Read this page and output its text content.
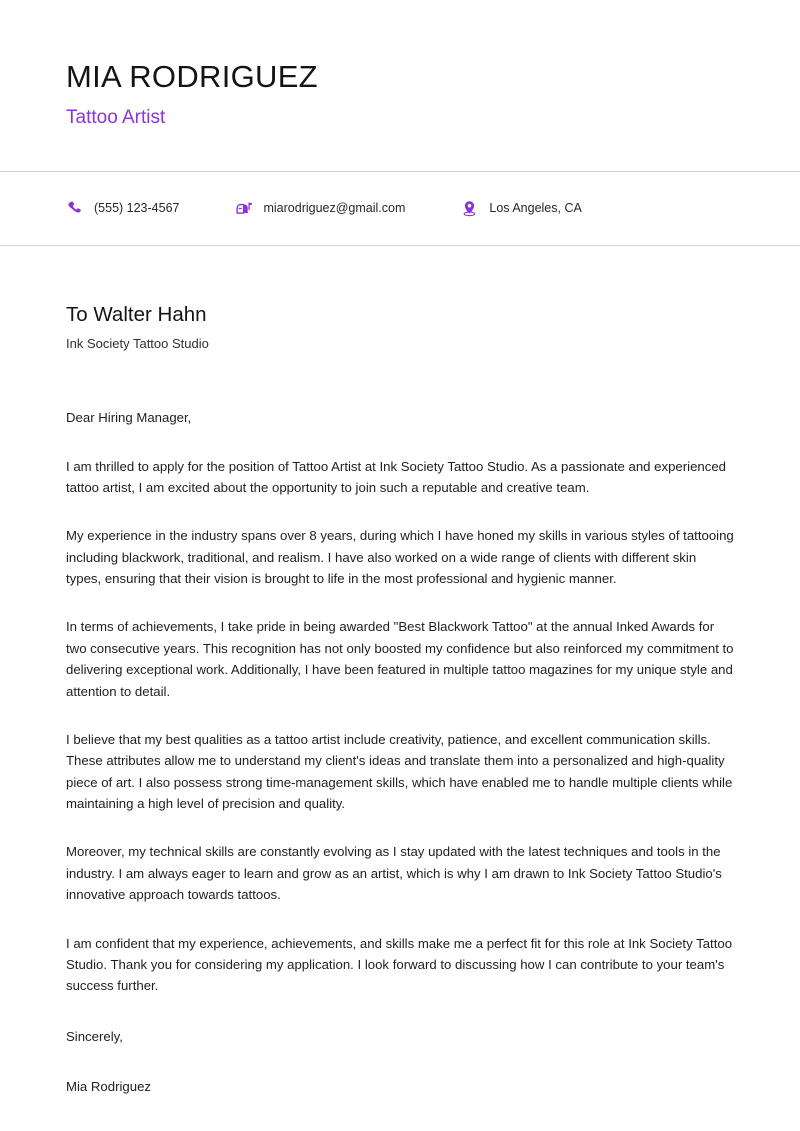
MIA RODRIGUEZ

Tattoo Artist

(555) 123-4567	miarodriguez@gmail.com	Los Angeles, CA
To Walter Hahn

Ink Society Tattoo Studio

Dear Hiring Manager,

I am thrilled to apply for the position of Tattoo Artist at Ink Society Tattoo Studio. As a passionate and experienced tattoo artist, I am excited about the opportunity to join such a reputable and creative team.

My experience in the industry spans over 8 years, during which I have honed my skills in various styles of tattooing including blackwork, traditional, and realism. I have also worked on a wide range of clients with different skin types, ensuring that their vision is brought to life in the most professional and hygienic manner.

In terms of achievements, I take pride in being awarded "Best Blackwork Tattoo" at the annual Inked Awards for two consecutive years. This recognition has not only boosted my confidence but also reinforced my commitment to delivering exceptional work. Additionally, I have been featured in multiple tattoo magazines for my unique style and attention to detail.

I believe that my best qualities as a tattoo artist include creativity, patience, and excellent communication skills. These attributes allow me to understand my client's ideas and translate them into a personalized and high-quality piece of art. I also possess strong time-management skills, which have enabled me to handle multiple clients while maintaining a high level of precision and quality.

Moreover, my technical skills are constantly evolving as I stay updated with the latest techniques and tools in the industry. I am always eager to learn and grow as an artist, which is why I am drawn to Ink Society Tattoo Studio's innovative approach towards tattoos.

I am confident that my experience, achievements, and skills make me a perfect fit for this role at Ink Society Tattoo Studio. Thank you for considering my application. I look forward to discussing how I can contribute to your team's success further.

Sincerely,

Mia Rodriguez
